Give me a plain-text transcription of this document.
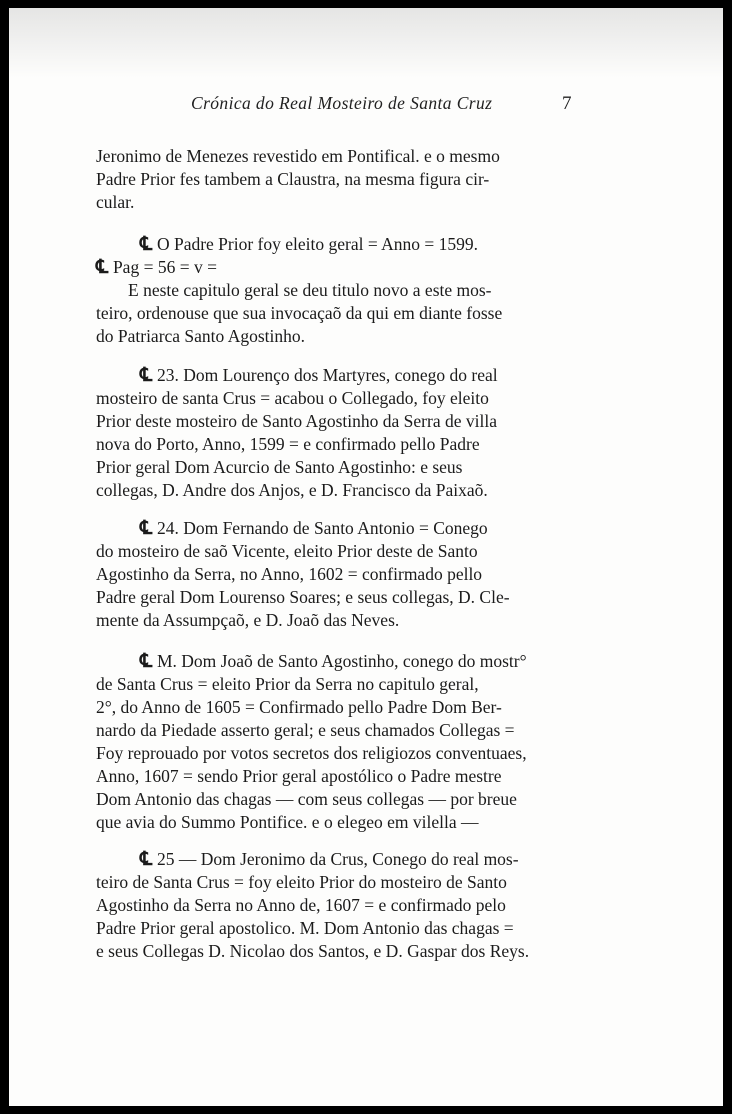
Crónica do Real Mosteiro de Santa Cruz	7
Jeronimo de Menezes revestido em Pontifical. e o mesmo
Padre Prior fes tambem a Claustra, na mesma figura cir-
cular.
℄ O Padre Prior foy eleito geral = Anno = 1599.
℄ Pag = 56 = v =
E neste capitulo geral se deu titulo novo a este mos-
teiro, ordenouse que sua invocaçaõ da qui em diante fosse
do Patriarca Santo Agostinho.
℄ 23. Dom Lourenço dos Martyres, conego do real
mosteiro de santa Crus = acabou o Collegado, foy eleito
Prior deste mosteiro de Santo Agostinho da Serra de villa
nova do Porto, Anno, 1599 = e confirmado pello Padre
Prior geral Dom Acurcio de Santo Agostinho: e seus
collegas, D. Andre dos Anjos, e D. Francisco da Paixaõ.
℄ 24. Dom Fernando de Santo Antonio = Conego
do mosteiro de saõ Vicente, eleito Prior deste de Santo
Agostinho da Serra, no Anno, 1602 = confirmado pello
Padre geral Dom Lourenso Soares; e seus collegas, D. Cle-
mente da Assumpçaõ, e D. Joaõ das Neves.
℄ M. Dom Joaõ de Santo Agostinho, conego do mostr°
de Santa Crus = eleito Prior da Serra no capitulo geral,
2°, do Anno de 1605 = Confirmado pello Padre Dom Ber-
nardo da Piedade asserto geral; e seus chamados Collegas =
Foy reprouado por votos secretos dos religiozos conventuaes,
Anno, 1607 = sendo Prior geral apostólico o Padre mestre
Dom Antonio das chagas — com seus collegas — por breue
que avia do Summo Pontifice. e o elegeo em vilella —
℄ 25 — Dom Jeronimo da Crus, Conego do real mos-
teiro de Santa Crus = foy eleito Prior do mosteiro de Santo
Agostinho da Serra no Anno de, 1607 = e confirmado pelo
Padre Prior geral apostolico. M. Dom Antonio das chagas =
e seus Collegas D. Nicolao dos Santos, e D. Gaspar dos Reys.
